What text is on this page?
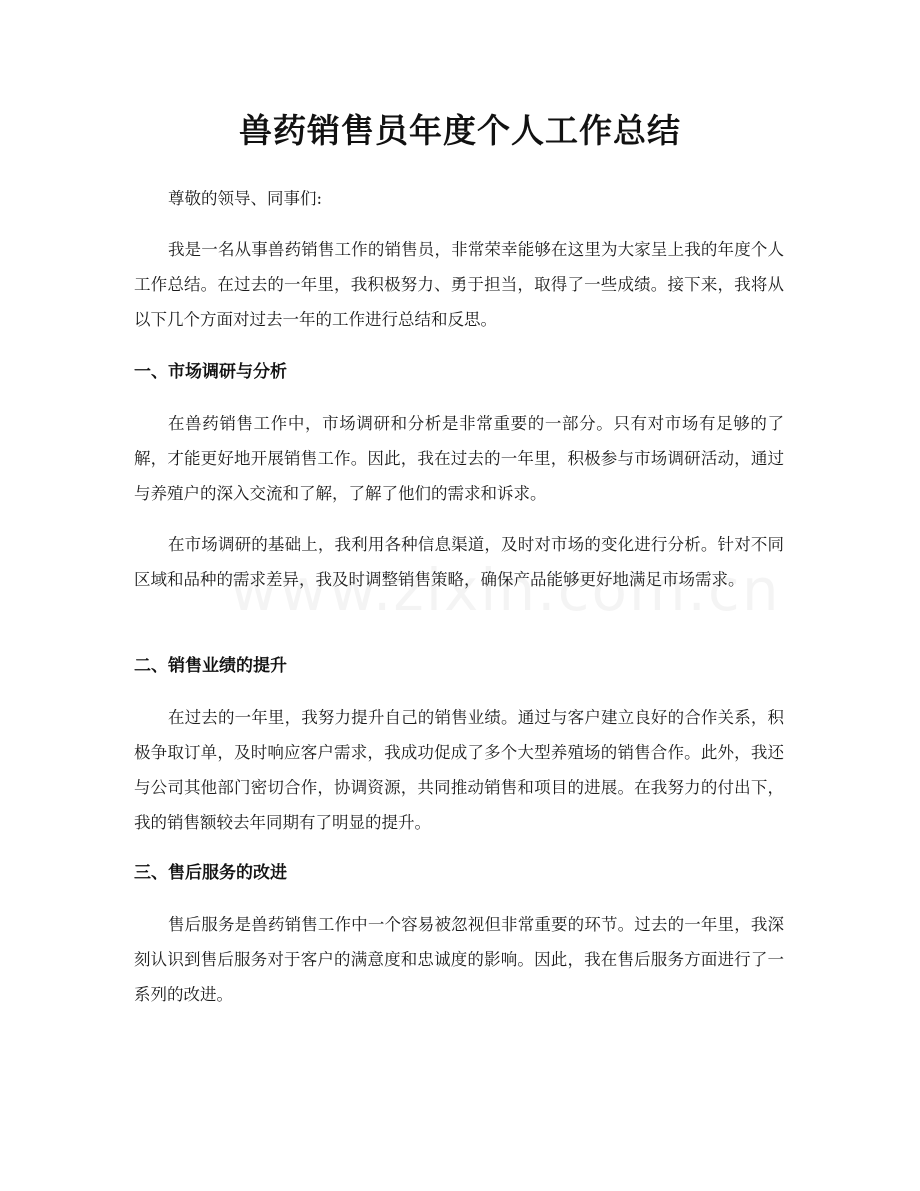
兽药销售员年度个人工作总结
尊敬的领导、同事们:

我是一名从事兽药销售工作的销售员，非常荣幸能够在这里为大家呈上我的年度个人工作总结。在过去的一年里，我积极努力、勇于担当，取得了一些成绩。接下来，我将从以下几个方面对过去一年的工作进行总结和反思。

一、市场调研与分析

在兽药销售工作中，市场调研和分析是非常重要的一部分。只有对市场有足够的了解，才能更好地开展销售工作。因此，我在过去的一年里，积极参与市场调研活动，通过与养殖户的深入交流和了解，了解了他们的需求和诉求。

在市场调研的基础上，我利用各种信息渠道，及时对市场的变化进行分析。针对不同区域和品种的需求差异，我及时调整销售策略，确保产品能够更好地满足市场需求。

二、销售业绩的提升

在过去的一年里，我努力提升自己的销售业绩。通过与客户建立良好的合作关系，积极争取订单，及时响应客户需求，我成功促成了多个大型养殖场的销售合作。此外，我还与公司其他部门密切合作，协调资源，共同推动销售和项目的进展。在我努力的付出下，我的销售额较去年同期有了明显的提升。

三、售后服务的改进

售后服务是兽药销售工作中一个容易被忽视但非常重要的环节。过去的一年里，我深刻认识到售后服务对于客户的满意度和忠诚度的影响。因此，我在售后服务方面进行了一系列的改进。
